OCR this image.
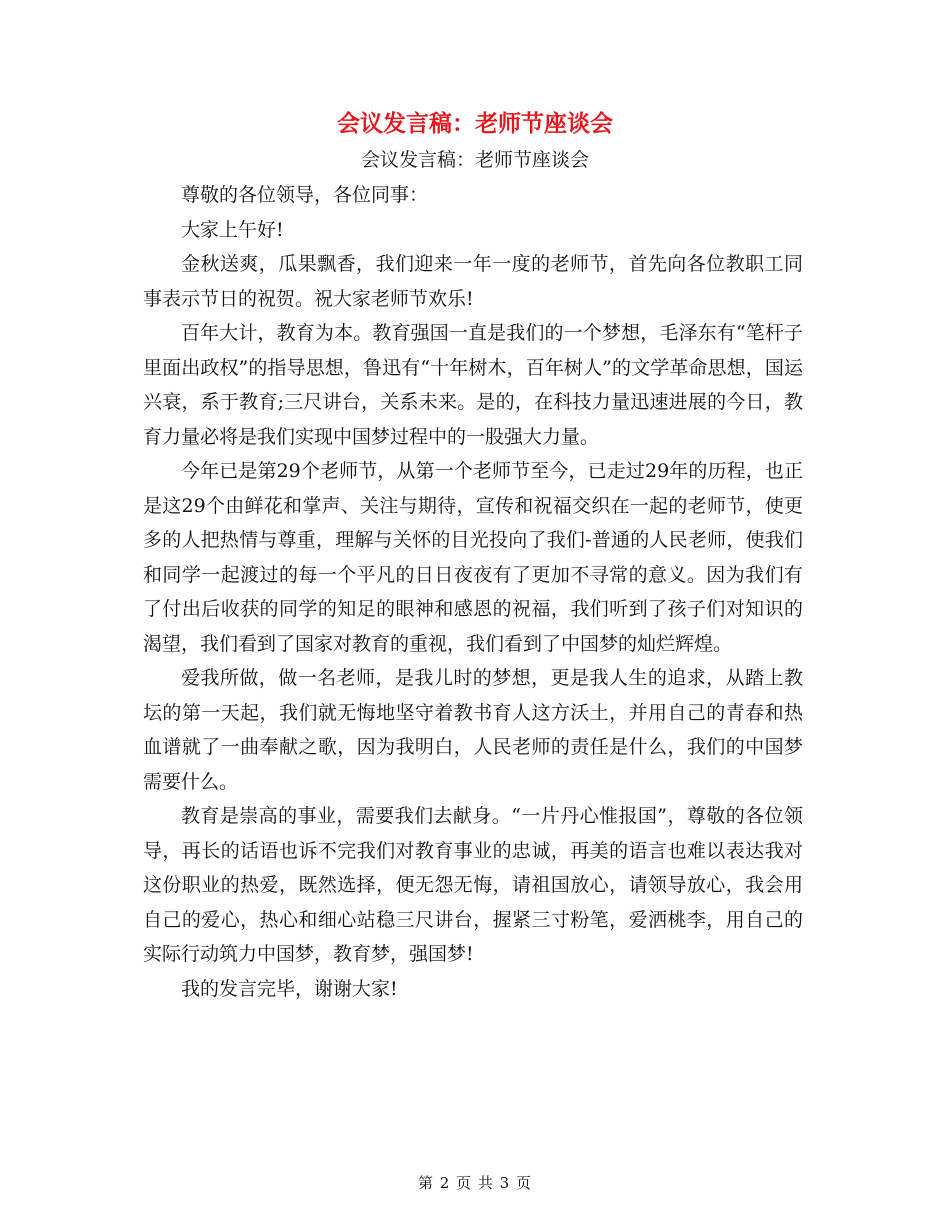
会议发言稿：老师节座谈会
会议发言稿：老师节座谈会

尊敬的各位领导，各位同事：

大家上午好!

金秋送爽，瓜果飘香，我们迎来一年一度的老师节，首先向各位教职工同事表示节日的祝贺。祝大家老师节欢乐!

百年大计，教育为本。教育强国一直是我们的一个梦想，毛泽东有“笔杆子里面出政权”的指导思想，鲁迅有“十年树木，百年树人”的文学革命思想，国运兴衰，系于教育;三尺讲台，关系未来。是的，在科技力量迅速进展的今日，教育力量必将是我们实现中国梦过程中的一股强大力量。

今年已是第29个老师节，从第一个老师节至今，已走过29年的历程，也正是这29个由鲜花和掌声、关注与期待，宣传和祝福交织在一起的老师节，使更多的人把热情与尊重，理解与关怀的目光投向了我们-普通的人民老师，使我们和同学一起渡过的每一个平凡的日日夜夜有了更加不寻常的意义。因为我们有了付出后收获的同学的知足的眼神和感恩的祝福，我们听到了孩子们对知识的渴望，我们看到了国家对教育的重视，我们看到了中国梦的灿烂辉煌。

爱我所做，做一名老师，是我儿时的梦想，更是我人生的追求，从踏上教坛的第一天起，我们就无悔地坚守着教书育人这方沃土，并用自己的青春和热血谱就了一曲奉献之歌，因为我明白，人民老师的责任是什么，我们的中国梦需要什么。

教育是崇高的事业，需要我们去献身。“一片丹心惟报国”，尊敬的各位领导，再长的话语也诉不完我们对教育事业的忠诚，再美的语言也难以表达我对这份职业的热爱，既然选择，便无怨无悔，请祖国放心，请领导放心，我会用自己的爱心，热心和细心站稳三尺讲台，握紧三寸粉笔，爱洒桃李，用自己的实际行动筑力中国梦，教育梦，强国梦!

我的发言完毕，谢谢大家!

第 2 页 共 3 页
